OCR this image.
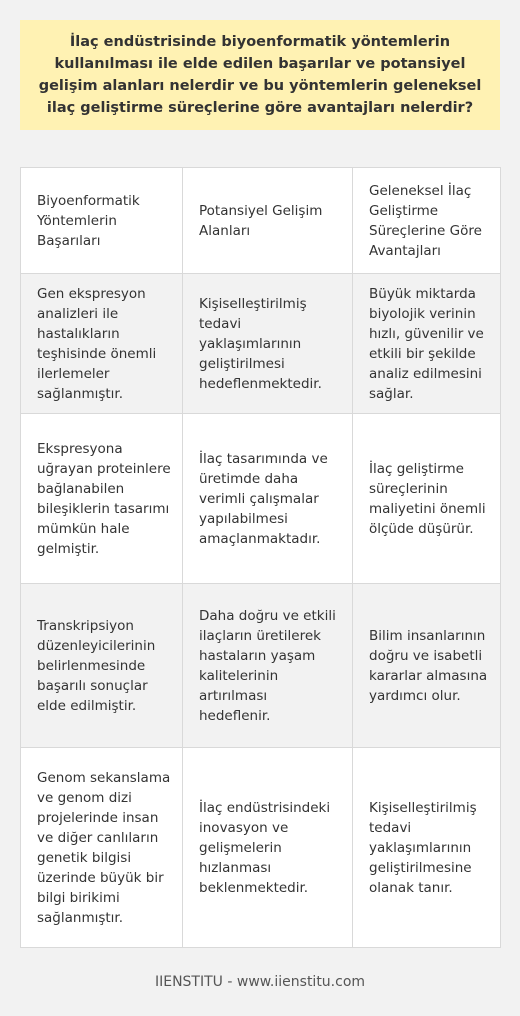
İlaç endüstrisinde biyoenformatik yöntemlerin kullanılması ile elde edilen başarılar ve potansiyel gelişim alanları nelerdir ve bu yöntemlerin geleneksel ilaç geliştirme süreçlerine göre avantajları nelerdir?
Biyoenformatik Yöntemlerin Başarıları	Potansiyel Gelişim Alanları	Geleneksel İlaç Geliştirme Süreçlerine Göre Avantajları
Gen ekspresyon analizleri ile hastalıkların teşhisinde önemli ilerlemeler sağlanmıştır.	Kişiselleştirilmiş tedavi yaklaşımlarının geliştirilmesi hedeflenmektedir.	Büyük miktarda biyolojik verinin hızlı, güvenilir ve etkili bir şekilde analiz edilmesini sağlar.
Ekspresyona uğrayan proteinlere bağlanabilen bileşiklerin tasarımı mümkün hale gelmiştir.	İlaç tasarımında ve üretimde daha verimli çalışmalar yapılabilmesi amaçlanmaktadır.	İlaç geliştirme süreçlerinin maliyetini önemli ölçüde düşürür.
Transkripsiyon düzenleyicilerinin belirlenmesinde başarılı sonuçlar elde edilmiştir.	Daha doğru ve etkili ilaçların üretilerek hastaların yaşam kalitelerinin artırılması hedeflenir.	Bilim insanlarının doğru ve isabetli kararlar almasına yardımcı olur.
Genom sekanslama ve genom dizi projelerinde insan ve diğer canlıların genetik bilgisi üzerinde büyük bir bilgi birikimi sağlanmıştır.	İlaç endüstrisindeki inovasyon ve gelişmelerin hızlanması beklenmektedir.	Kişiselleştirilmiş tedavi yaklaşımlarının geliştirilmesine olanak tanır.
IIENSTITU - www.iienstitu.com
